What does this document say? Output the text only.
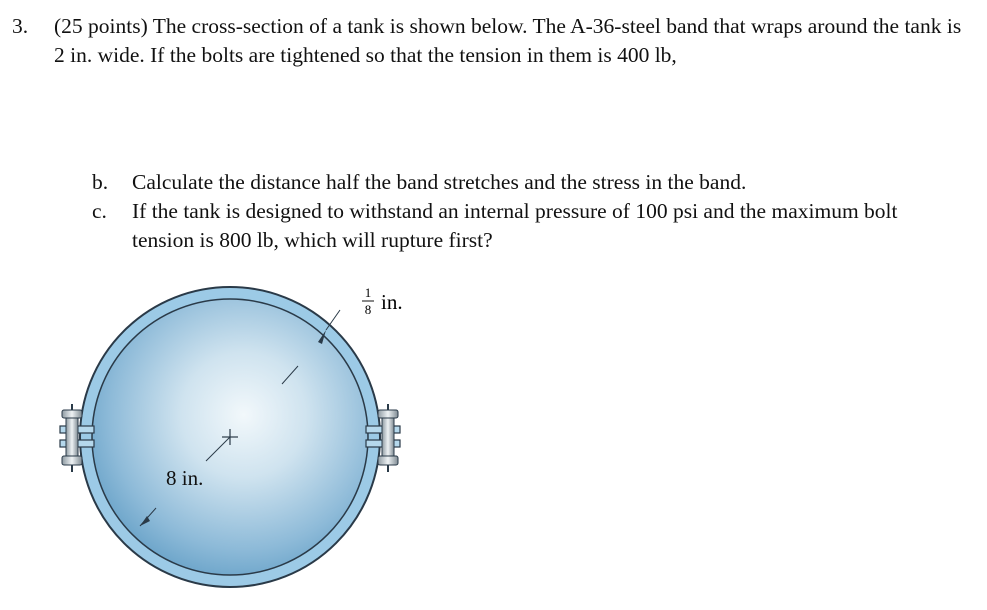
3. (25 points) The cross-section of a tank is shown below. The A-36-steel band that wraps around the tank is 2 in. wide. If the bolts are tightened so that the tension in them is 400 lb,
b. Calculate the distance half the band stretches and the stress in the band.
c. If the tank is designed to withstand an internal pressure of 100 psi and the maximum bolt tension is 800 lb, which will rupture first?
1
8 in.
8 in.
